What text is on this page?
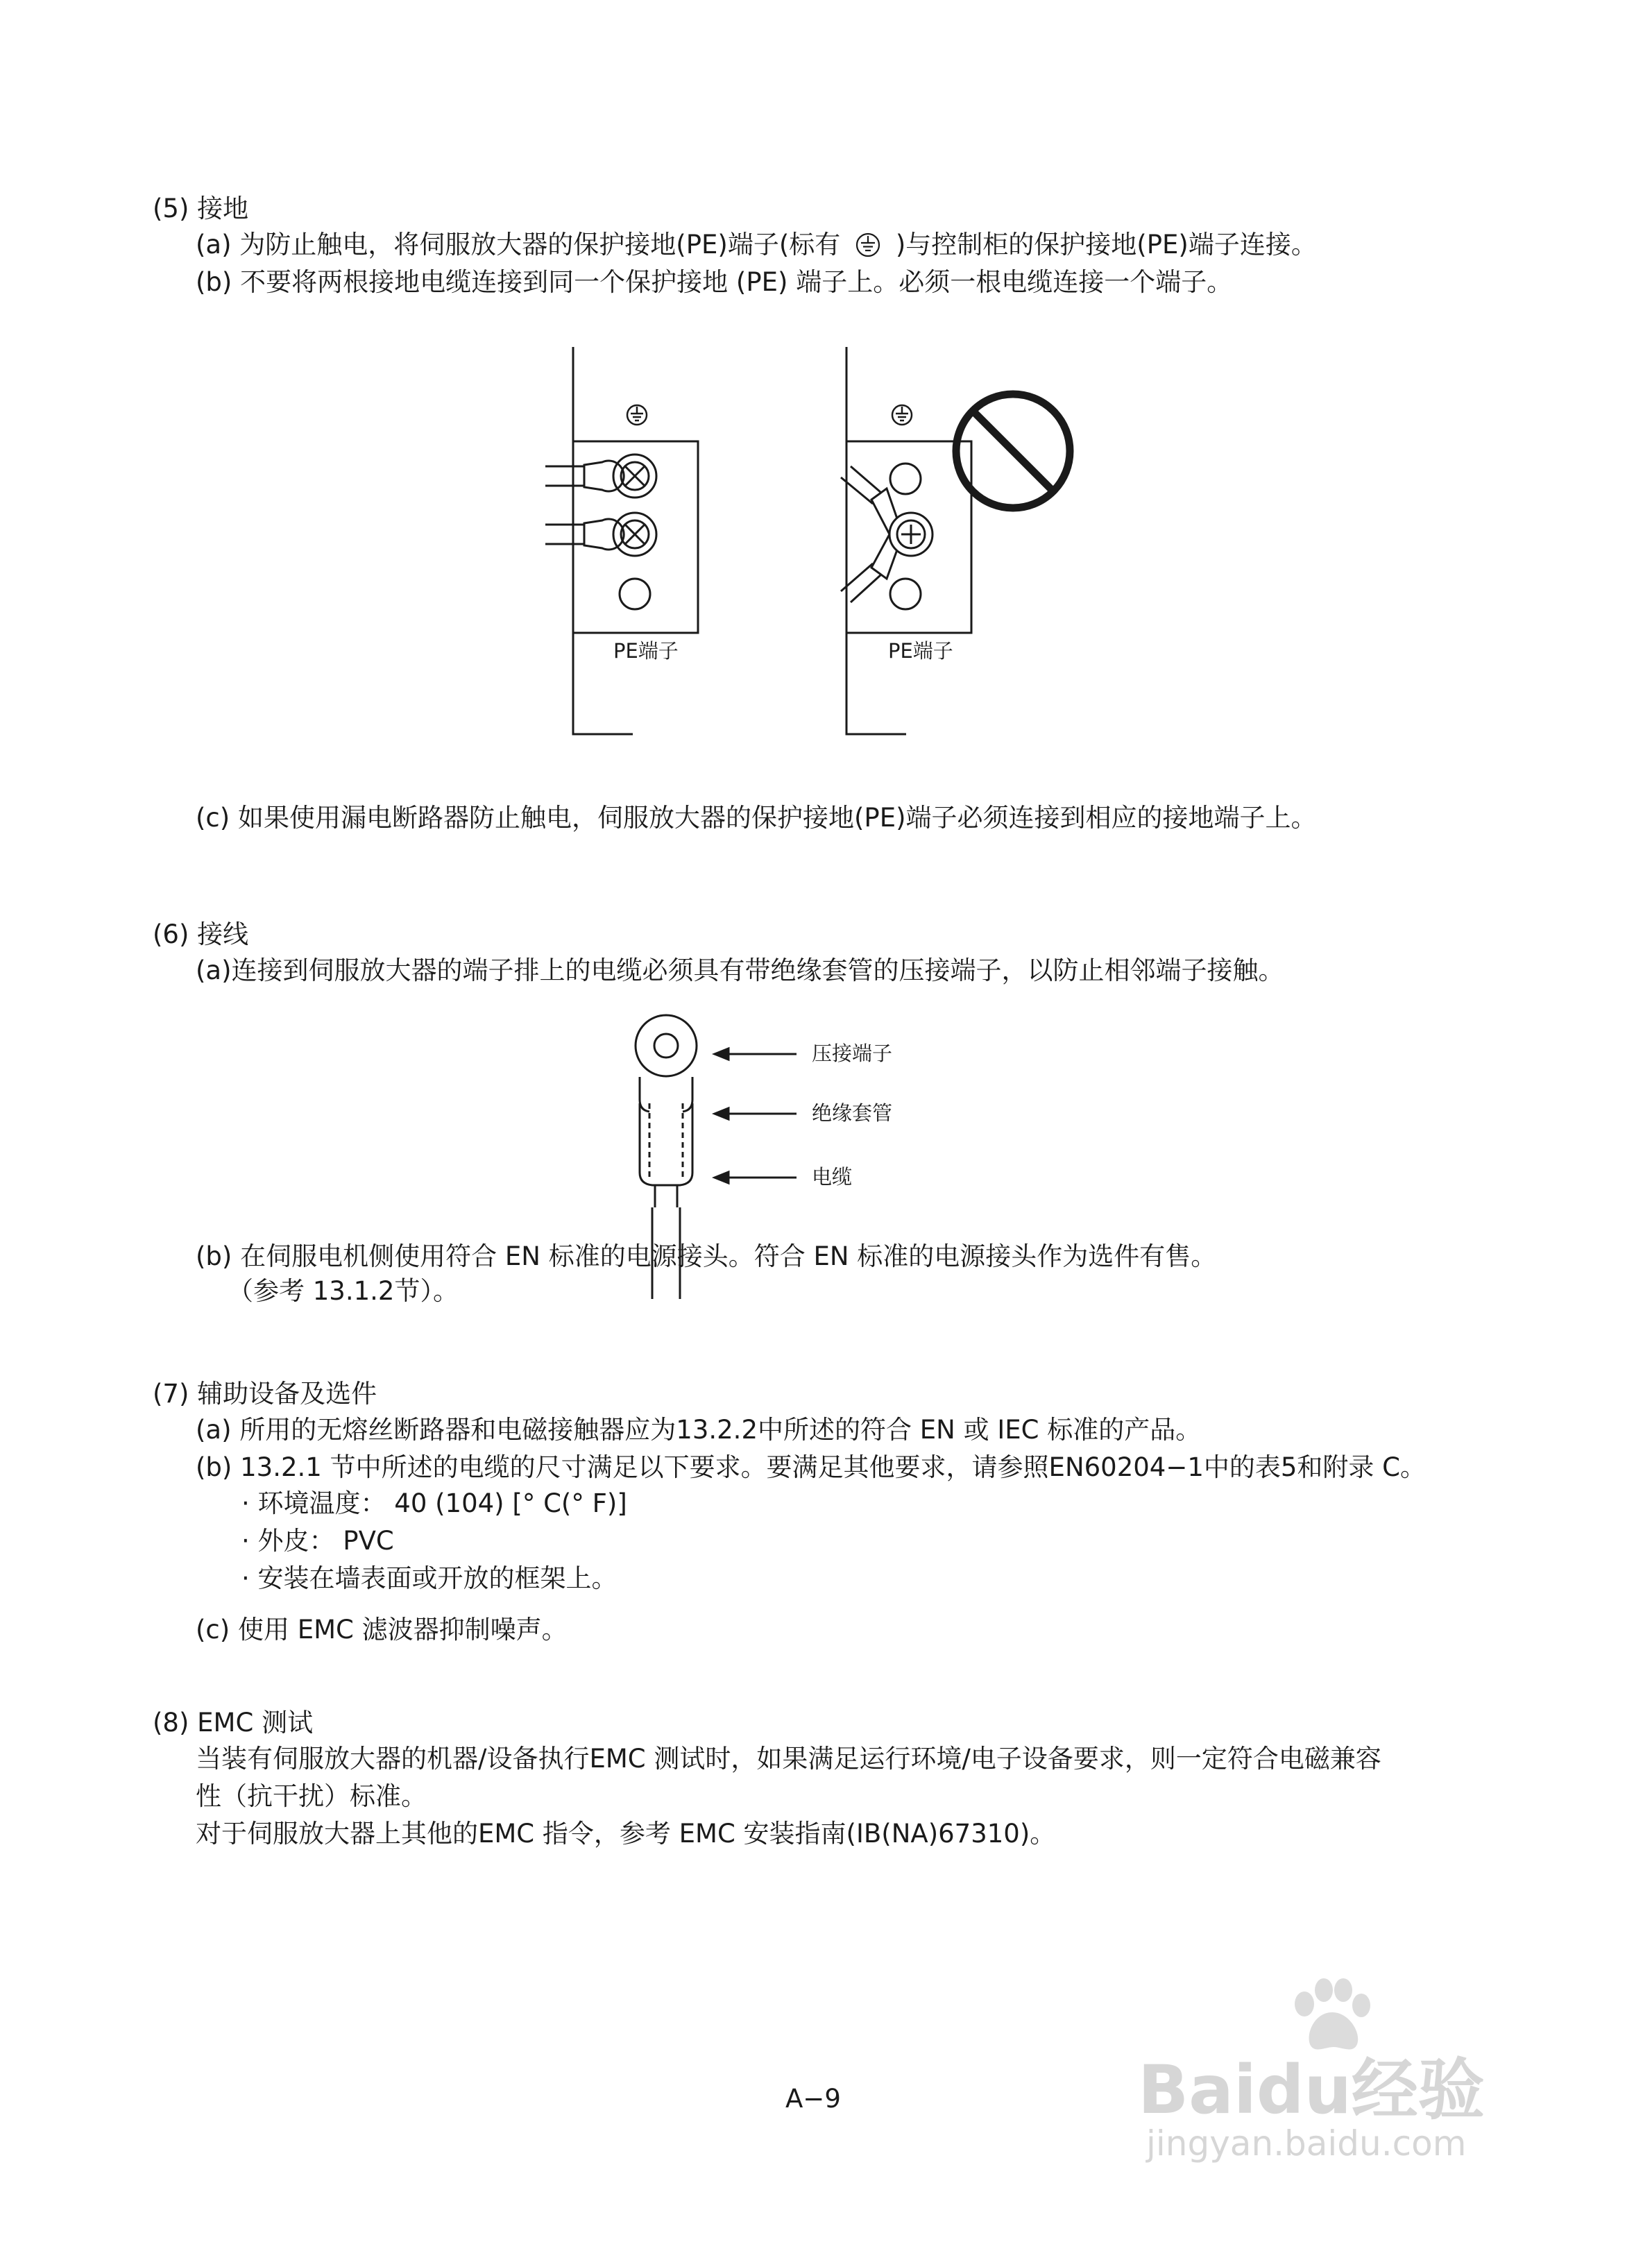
(5) 接地
(a) 为防止触电，将伺服放大器的保护接地(PE)端子(标有 )与控制柜的保护接地(PE)端子连接。
(b) 不要将两根接地电缆连接到同一个保护接地 (PE) 端子上。必须一根电缆连接一个端子。
PE端子	PE端子
(c) 如果使用漏电断路器防止触电，伺服放大器的保护接地(PE)端子必须连接到相应的接地端子上。
(6) 接线
(a)连接到伺服放大器的端子排上的电缆必须具有带绝缘套管的压接端子，以防止相邻端子接触。
压接端子
绝缘套管
电缆
(b) 在伺服电机侧使用符合 EN 标准的电源接头。符合 EN 标准的电源接头作为选件有售。
（参考 13.1.2节）。
(7) 辅助设备及选件
(a) 所用的无熔丝断路器和电磁接触器应为13.2.2中所述的符合 EN 或 IEC 标准的产品。
(b) 13.2.1 节中所述的电缆的尺寸满足以下要求。要满足其他要求，请参照EN60204−1中的表5和附录 C。
· 环境温度： 40 (104) [° C(° F)]
· 外皮： PVC
· 安装在墙表面或开放的框架上。
(c) 使用 EMC 滤波器抑制噪声。
(8) EMC 测试
当装有伺服放大器的机器/设备执行EMC 测试时，如果满足运行环境/电子设备要求，则一定符合电磁兼容
性（抗干扰）标准。
对于伺服放大器上其他的EMC 指令，参考 EMC 安装指南(IB(NA)67310)。
A−9	Baidu经验
jingyan.baidu.com
